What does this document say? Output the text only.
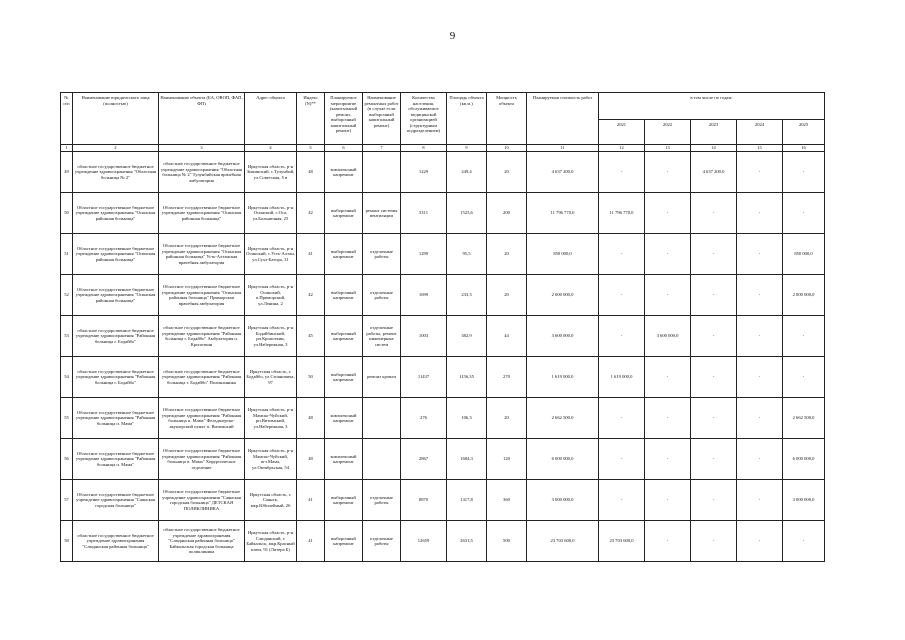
9
№ п/п	Наименование юридического лица (полностью)	Наименование объекта (БА, ОВОП, ФАП, ФП)	Адрес объекта	Индекс (N)**	Планируемое мероприятие (капитальный ремонт, выборочный капитальный ремонт)	Наименование ремонтных работ (в случае если выборочный капитальный ремонт)	Количество населения, обслуживаемое медицинской организацией (структурным подразделением)	Площадь объекта (кв.м.)	Мощность объекта	Планируемая стоимость работ	в том числе по годам:				
											2021	2022	2023	2024	2025
1	2	3	4	5	6	7	8	9	10	11	12	13	14	15	16
49	областное государственное бюджетное учреждение здравоохранения "Областная больница № 2"	областное государственное бюджетное учреждение здравоохранения "Областная больница № 2" Тулунбийская врачебная амбулатория	Иркутская область, р-н Зиминский, с.Тулунбий, ул.Советская, 5 в	48	комплексный капремонт		1229	249,4	20	4 637 200,0	-	-	4 637 200,0	-	-
50	Областное государственное бюджетное учреждение здравоохранения "Осинская районная больница"	Областное государственное бюджетное учреждение здравоохранения "Осинская районная больница"	Иркутская область, р-н Осинский, с.Оса, ул.Больничная, 25	42	выборочный капремонт	ремонт системы вентиляции	5311	1525,6	200	11 796 770,0	11 796 770,0	-	-	-	-
51	Областное государственное бюджетное учреждение здравоохранения "Осинская районная больница"	Областное государственное бюджетное учреждение здравоохранения "Осинская районная больница" Усть-Алтанская врачебная амбулатория	Иркутская область, р-н Осинский, с.Усть-Алтан, ул.Сухэ-Батора, 31	41	выборочный капремонт	отделочные работы	1299	95,5	20	850 000,0	-	-	-	-	850 000,0
52	Областное государственное бюджетное учреждение здравоохранения "Осинская районная больница"	Областное государственное бюджетное учреждение здравоохранения "Осинская районная больница" Приморская врачебная амбулатория	Иркутская область, р-н Осинский, п.Приморский, ул.Ленина, 2	42	выборочный капремонт	отделочные работы	1699	233,3	20	2 000 000,0	-	-	-	-	2 000 000,0
53	областное государственное бюджетное учреждение здравоохранения "Районная больница г. Бодайбо"	областное государственное бюджетное учреждение здравоохранения "Районная больница г. Бодайбо" Амбулатория п. Кропоткин	Иркутская область, р-н Бодайбинский, рп.Кропоткин, ул.Набережная, 3	45	выборочный капремонт	отделочные работы, ремонт инженерных систем	1003	382,9	44	3 600 000,0	-	3 600 000,0	-	-	-
54	областное государственное бюджетное учреждение здравоохранения "Районная больница г. Бодайбо"	областное государственное бюджетное учреждение здравоохранения "Районная больница г. Бодайбо" Поликлиника	Иркутская область, г. Бодайбо, ул.Стояновича, 97	50	выборочный капремонт	ремонт кровли	11437	1156,35	270	1 619 000,0	1 619 000,0	-	-	-	-
55	Областное государственное бюджетное учреждение здравоохранения "Районная больница п. Мама"	Областное государственное бюджетное учреждение здравоохранения "Районная больница п. Мама" Фельдшерско-акушерский пункт п. Витимский	Иркутская область, р-н Мамско-Чуйский, рп.Витимский, ул.Набережная, 3	48	комплексный капремонт		276	106,3	20	2 662 500,0	-	-	-	-	2 662 500,0
56	Областное государственное бюджетное учреждение здравоохранения "Районная больница п. Мама"	Областное государственное бюджетное учреждение здравоохранения "Районная больница п. Мама" Хирургическое отделение	Иркутская область, р-н Мамско-Чуйский, пгт.Мама, ул.Октябрьская, 54	48	комплексный капремонт		2867	1684,3	120	6 000 000,0	-	-	-	-	6 000 000,0
57	Областное государственное бюджетное учреждение здравоохранения "Саянская городская больница"	Областное государственное бюджетное учреждение здравоохранения "Саянская городская больница" ДЕТСКАЯ ПОЛИКЛИНИКА	Иркутская область, г. Саянск, мкр.Юбилейный, 26	41	выборочный капремонт	отделочные работы	8870	1317,8	360	3 000 000,0	-	-	-	-	3 000 000,0
58	областное государственное бюджетное учреждение здравоохранения "Слюдянская районная больница"	областное государственное бюджетное учреждение здравоохранения "Слюдянская районная больница" Байкальская городская больница поликлиника	Иркутская область, р-н Слюдянский, г. Байкальск, мкр.Красный ключ, 91 (Литера Б)	41	выборочный капремонт	отделочные работы	12659	2631,5	500	23 703 600,0	23 703 600,0	-	-	-	-
